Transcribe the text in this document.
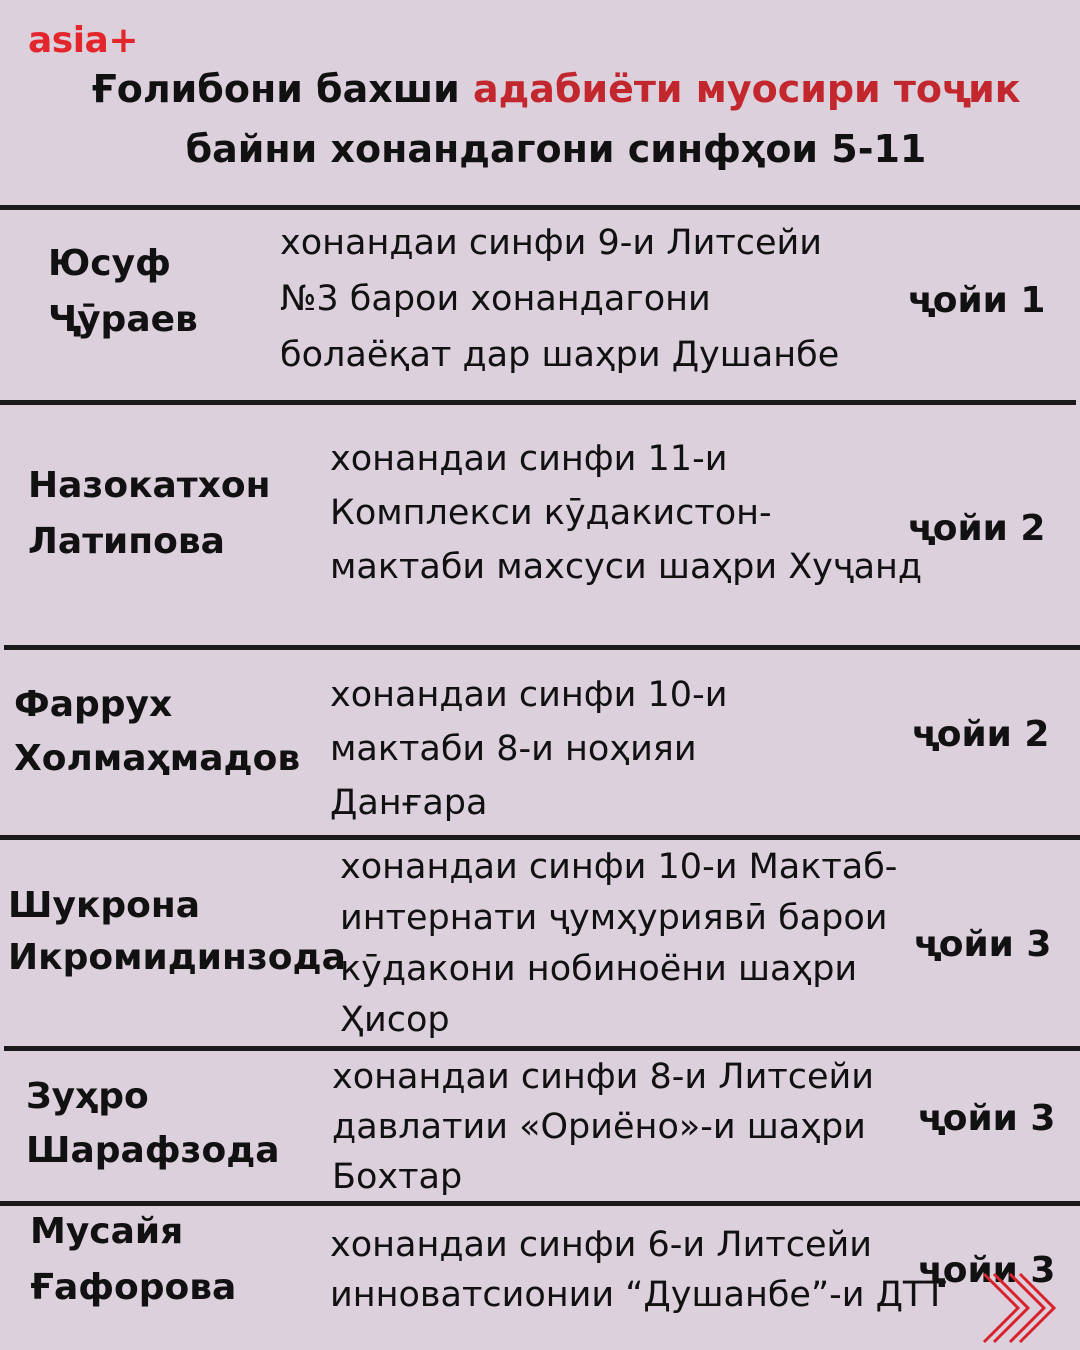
asia+
Ғолибони бахши адабиёти муосири тоҷик
байни хонандагони синфҳои 5-11
Юсуф
Ҷӯраев
хонандаи синфи 9-и Литсейи
№3 барои хонандагони
болаёқат дар шаҳри Душанбе
ҷойи 1
Назокатхон
Латипова
хонандаи синфи 11-и
Комплекси кӯдакистон-
мактаби махсуси шаҳри Хуҷанд
ҷойи 2
Фаррух
Холмаҳмадов
хонандаи синфи 10-и
мактаби 8-и ноҳияи
Данғара
ҷойи 2
Шукрона
Икромидинзода
хонандаи синфи 10-и Мактаб-
интернати ҷумҳуриявӣ барои
кӯдакони нобиноёни шаҳри
Ҳисор
ҷойи 3
Зуҳро
Шарафзода
хонандаи синфи 8-и Литсейи
давлатии «Ориёно»-и шаҳри
Бохтар
ҷойи 3
Мусайя
Ғафорова
хонандаи синфи 6-и Литсейи
инноватсионии “Душанбе”-и ДТТ
ҷойи 3
